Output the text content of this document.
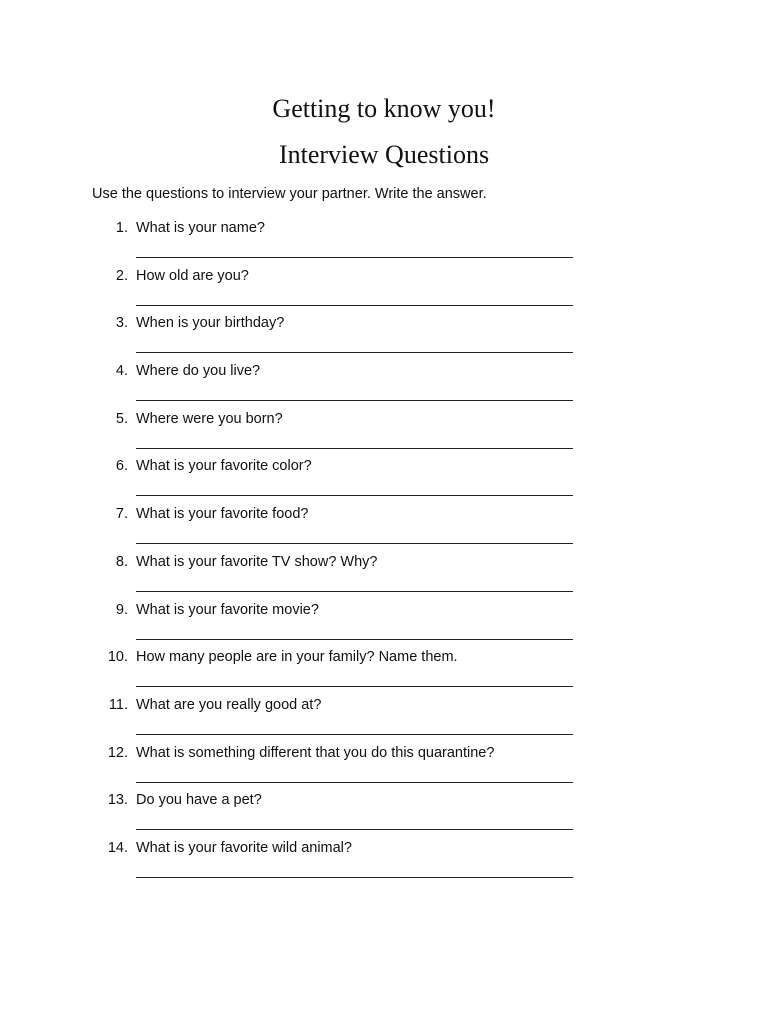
Getting to know you!
Interview Questions
Use the questions to interview your partner. Write the answer.
1. What is your name?
2. How old are you?
3. When is your birthday?
4. Where do you live?
5. Where were you born?
6. What is your favorite color?
7. What is your favorite food?
8. What is your favorite TV show? Why?
9. What is your favorite movie?
10. How many people are in your family? Name them.
11. What are you really good at?
12. What is something different that you do this quarantine?
13. Do you have a pet?
14. What is your favorite wild animal?
